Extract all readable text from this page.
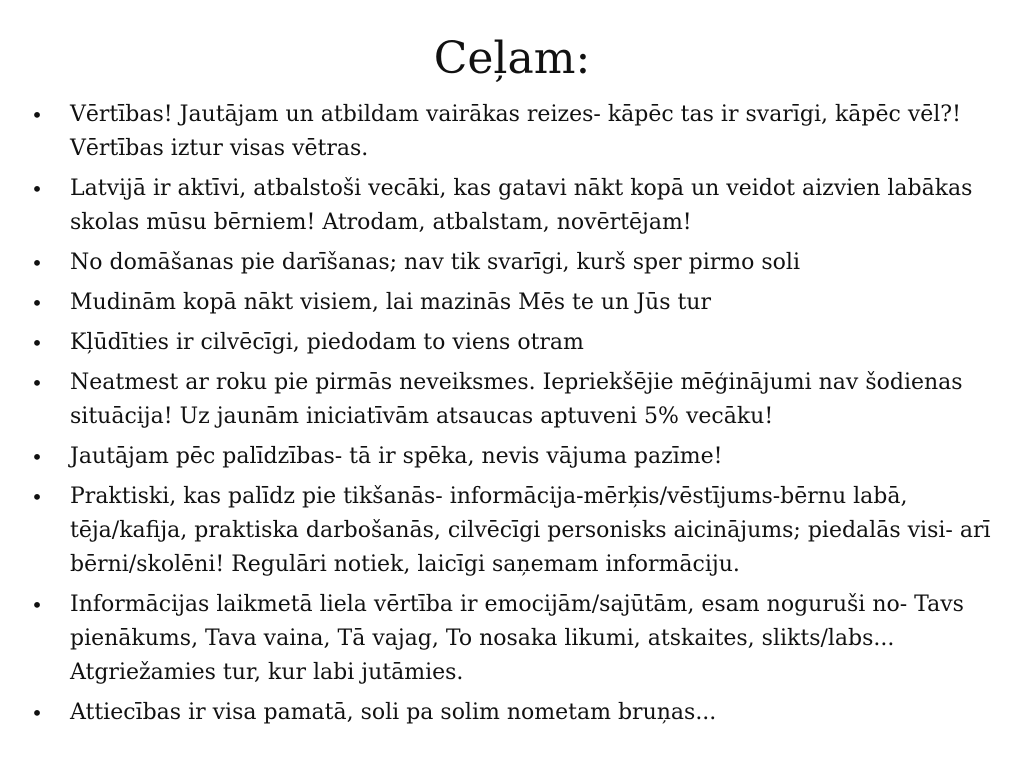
Ceļam:
• Vērtības! Jautājam un atbildam vairākas reizes- kāpēc tas ir svarīgi, kāpēc vēl?! Vērtības iztur visas vētras.
• Latvijā ir aktīvi, atbalstoši vecāki, kas gatavi nākt kopā un veidot aizvien labākas skolas mūsu bērniem! Atrodam, atbalstam, novērtējam!
• No domāšanas pie darīšanas; nav tik svarīgi, kurš sper pirmo soli
• Mudinām kopā nākt visiem, lai mazinās Mēs te un Jūs tur
• Kļūdīties ir cilvēcīgi, piedodam to viens otram
• Neatmest ar roku pie pirmās neveiksmes. Iepriekšējie mēģinājumi nav šodienas situācija! Uz jaunām iniciatīvām atsaucas aptuveni 5% vecāku!
• Jautājam pēc palīdzības- tā ir spēka, nevis vājuma pazīme!
• Praktiski, kas palīdz pie tikšanās- informācija-mērķis/vēstījums-bērnu labā, tēja/kafija, praktiska darbošanās, cilvēcīgi personisks aicinājums; piedalās visi- arī bērni/skolēni! Regulāri notiek, laicīgi saņemam informāciju.
• Informācijas laikmetā liela vērtība ir emocijām/sajūtām, esam noguruši no- Tavs pienākums, Tava vaina, Tā vajag, To nosaka likumi, atskaites, slikts/labs... Atgriežamies tur, kur labi jutāmies.
• Attiecības ir visa pamatā, soli pa solim nometam bruņas...
